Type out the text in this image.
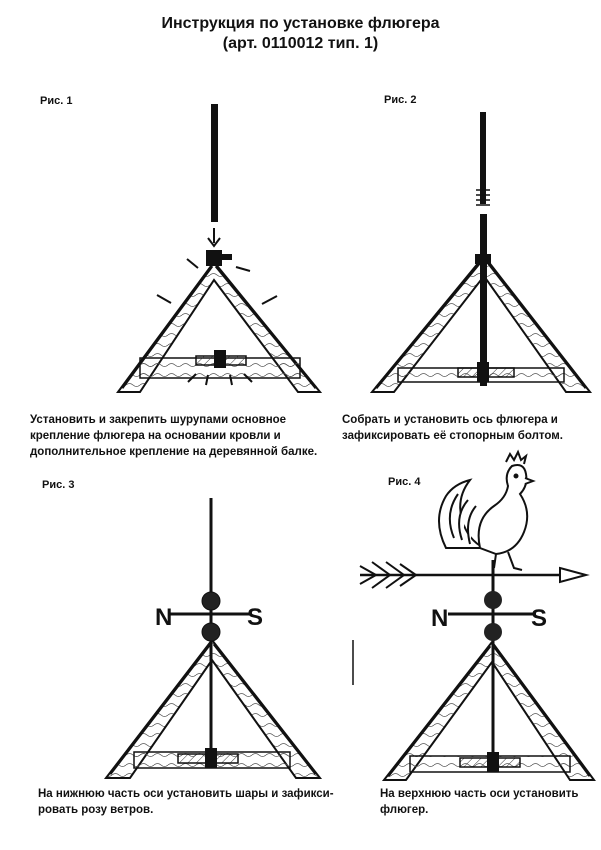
Инструкция по установке флюгера
(арт. 0110012 тип. 1)
Рис. 1	Рис. 2
Рис. 3	Рис. 4
N	S	N	S
Установить и закрепить шурупами основное
крепление флюгера на основании кровли и
дополнительное крепление на деревянной балке.
Собрать и установить ось флюгера и
зафиксировать её стопорным болтом.
На нижнюю часть оси установить шары и зафикси-
ровать розу ветров.
На верхнюю часть оси установить
флюгер.
